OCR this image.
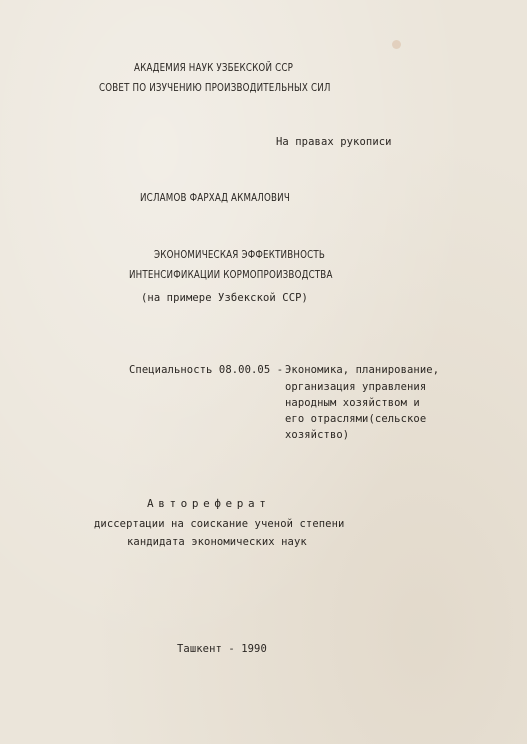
АКАДЕМИЯ НАУК УЗБЕКСКОЙ ССР
СОВЕТ ПО ИЗУЧЕНИЮ ПРОИЗВОДИТЕЛЬНЫХ СИЛ
На правах рукописи
ИСЛАМОВ ФАРХАД АКМАЛОВИЧ
ЭКОНОМИЧЕСКАЯ ЭФФЕКТИВНОСТЬ
ИНТЕНСИФИКАЦИИ КОРМОПРОИЗВОДСТВА
(на примере Узбекской ССР)
Специальность 08.00.05 - Экономика, планирование,
организация управления
народным хозяйством и
его отраслями(сельское
хозяйство)
Автореферат
диссертации на соискание ученой степени
кандидата экономических наук
Ташкент - 1990
